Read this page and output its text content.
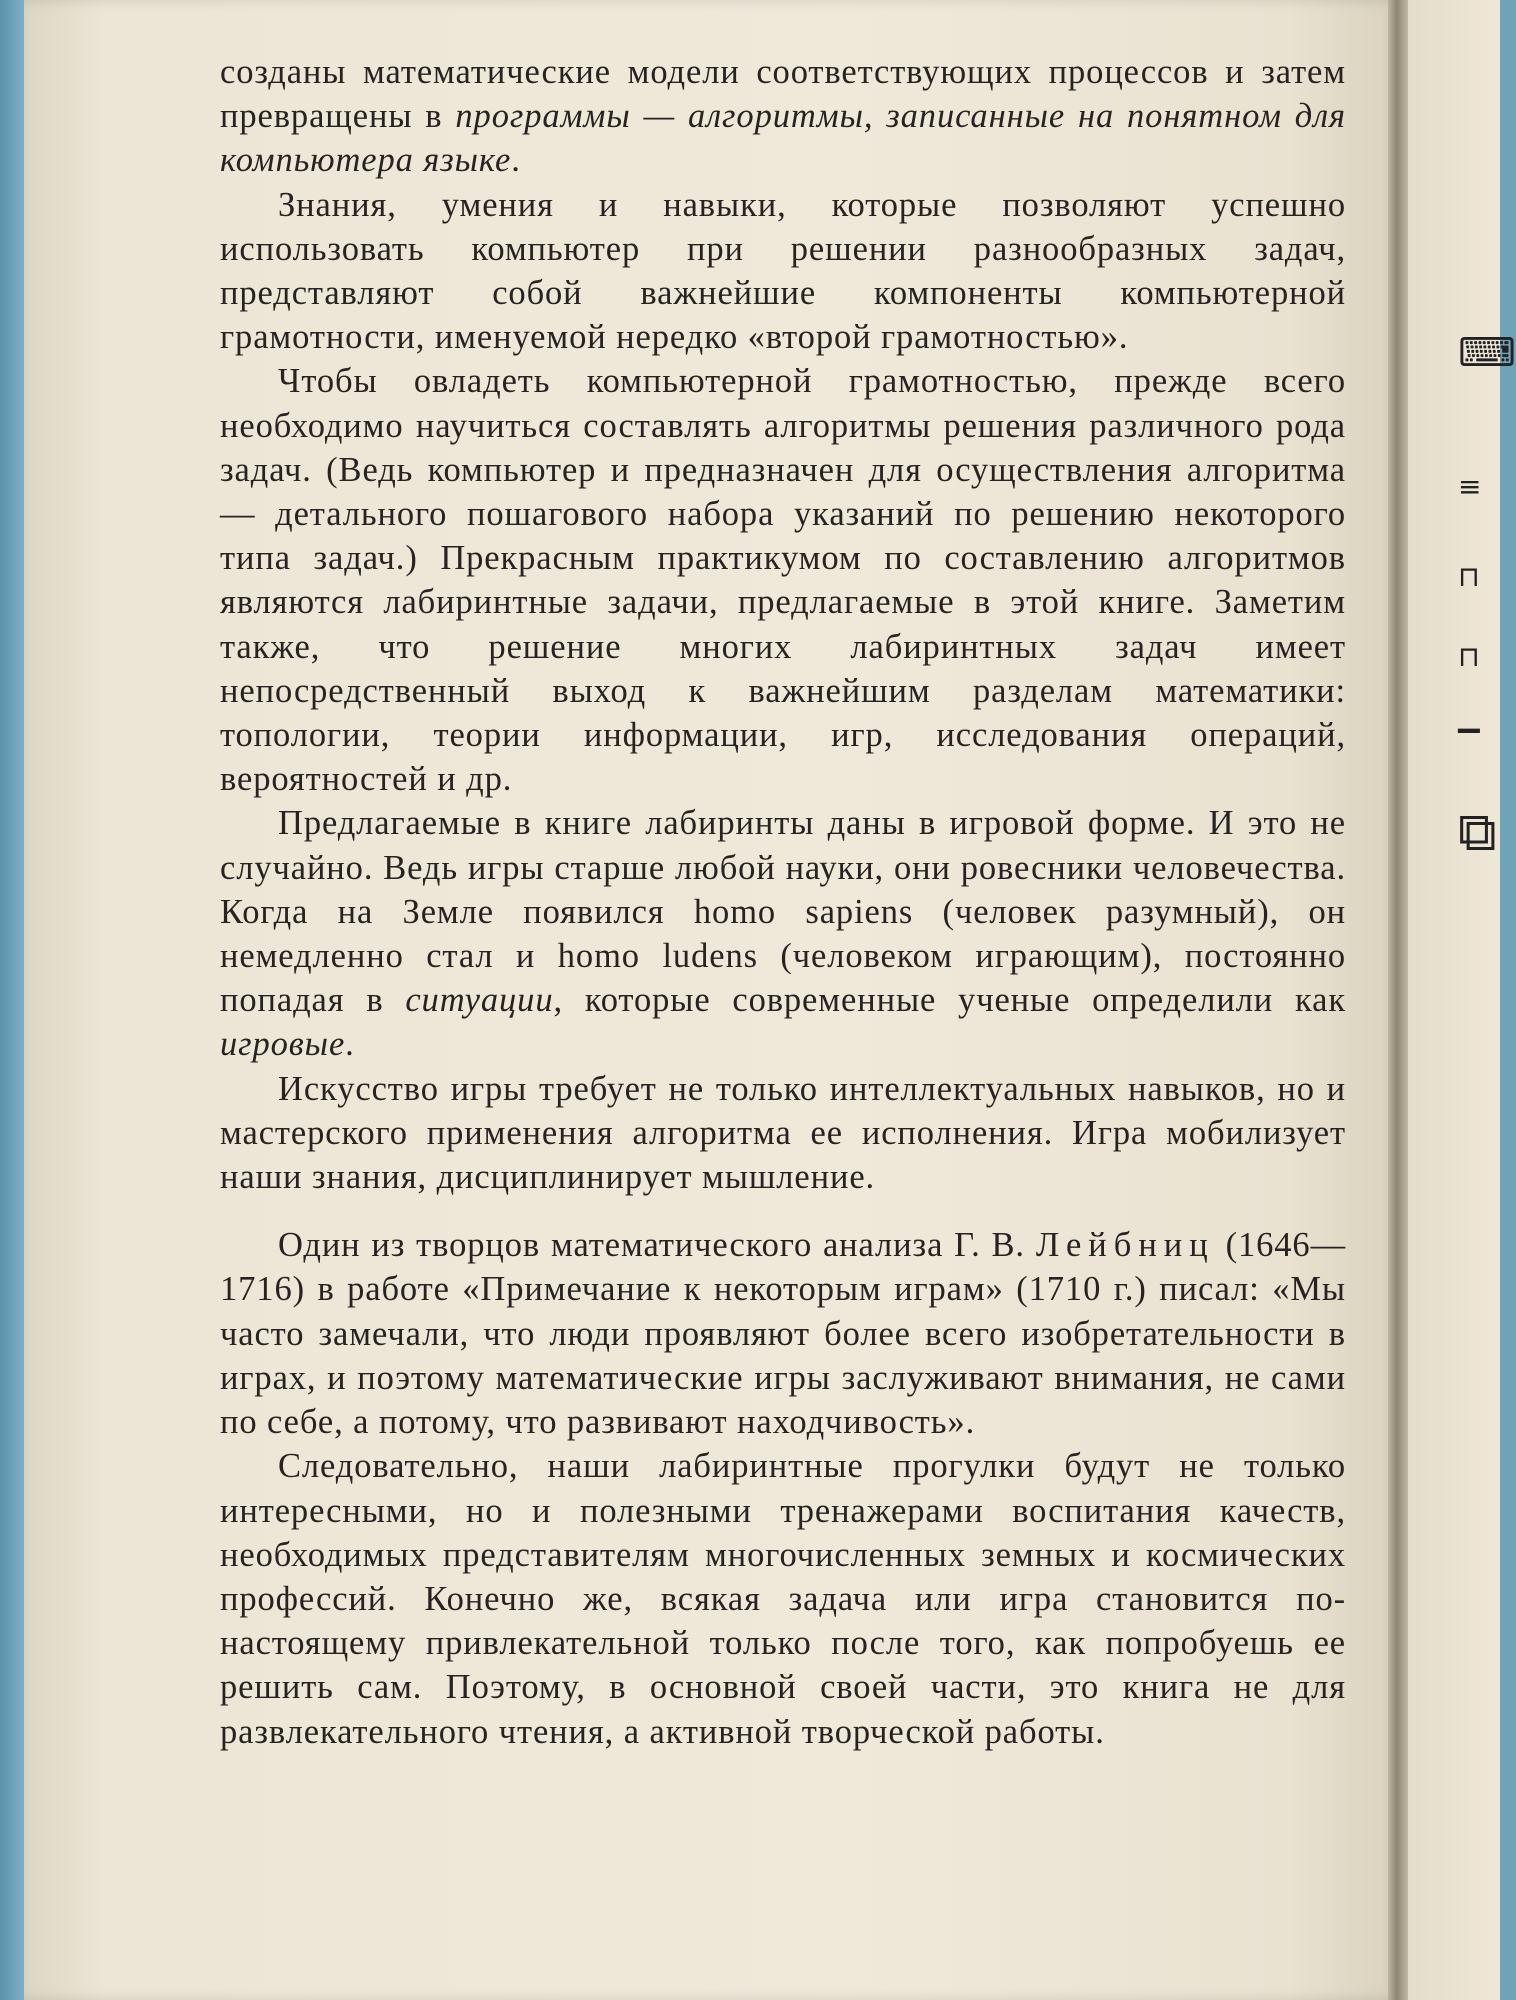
созданы математические модели соответствующих процессов и затем превращены в программы — алгоритмы, записанные на понятном для компьютера языке.

Знания, умения и навыки, которые позволяют успешно использовать компьютер при решении разнообразных задач, представляют собой важнейшие компоненты компьютерной грамотности, именуемой нередко «второй грамотностью».

Чтобы овладеть компьютерной грамотностью, прежде всего необходимо научиться составлять алгоритмы решения различного рода задач. (Ведь компьютер и предназначен для осуществления алгоритма — детального пошагового набора указаний по решению некоторого типа задач.) Прекрасным практикумом по составлению алгоритмов являются лабиринтные задачи, предлагаемые в этой книге. Заметим также, что решение многих лабиринтных задач имеет непосредственный выход к важнейшим разделам математики: топологии, теории информации, игр, исследования операций, вероятностей и др.

Предлагаемые в книге лабиринты даны в игровой форме. И это не случайно. Ведь игры старше любой науки, они ровесники человечества. Когда на Земле появился homo sapiens (человек разумный), он немедленно стал и homo ludens (человеком играющим), постоянно попадая в ситуации, которые современные ученые определили как игровые.

Искусство игры требует не только интеллектуальных навыков, но и мастерского применения алгоритма ее исполнения. Игра мобилизует наши знания, дисциплинирует мышление.

Один из творцов математического анализа Г. В. Лейбниц (1646—1716) в работе «Примечание к некоторым играм» (1710 г.) писал: «Мы часто замечали, что люди проявляют более всего изобретательности в играх, и поэтому математические игры заслуживают внимания, не сами по себе, а потому, что развивают находчивость».

Следовательно, наши лабиринтные прогулки будут не только интересными, но и полезными тренажерами воспитания качеств, необходимых представителям многочисленных земных и космических профессий. Конечно же, всякая задача или игра становится по-настоящему привлекательной только после того, как попробуешь ее решить сам. Поэтому, в основной своей части, это книга не для развлекательного чтения, а активной творческой работы.

⌨
≡
⊓
⊓
▁
⧉
